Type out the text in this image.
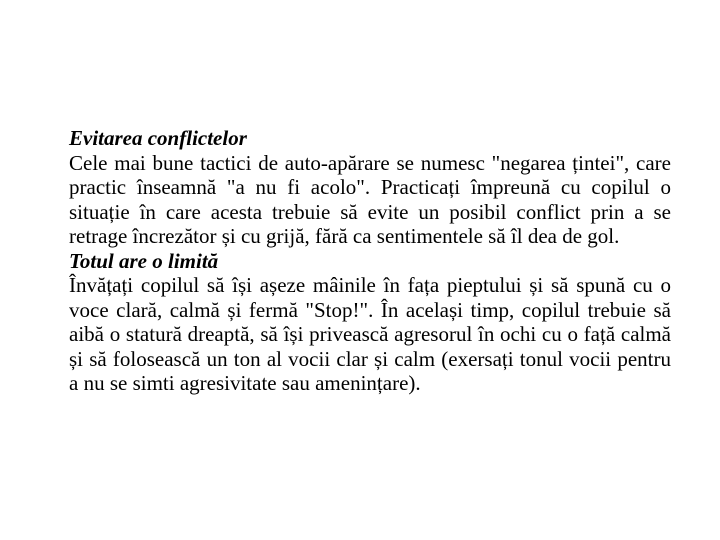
Evitarea conflictelor

Cele mai bune tactici de auto-apărare se numesc "negarea țintei", care practic înseamnă "a nu fi acolo". Practicați împreună cu copilul o situație în care acesta trebuie să evite un posibil conflict prin a se retrage încrezător și cu grijă, fără ca sentimentele să îl dea de gol.

Totul are o limită

Învățați copilul să își așeze mâinile în fața pieptului și să spună cu o voce clară, calmă și fermă "Stop!". În același timp, copilul trebuie să aibă o statură dreaptă, să își privească agresorul în ochi cu o față calmă și să folosească un ton al vocii clar și calm (exersați tonul vocii pentru a nu se simti agresivitate sau amenințare).
